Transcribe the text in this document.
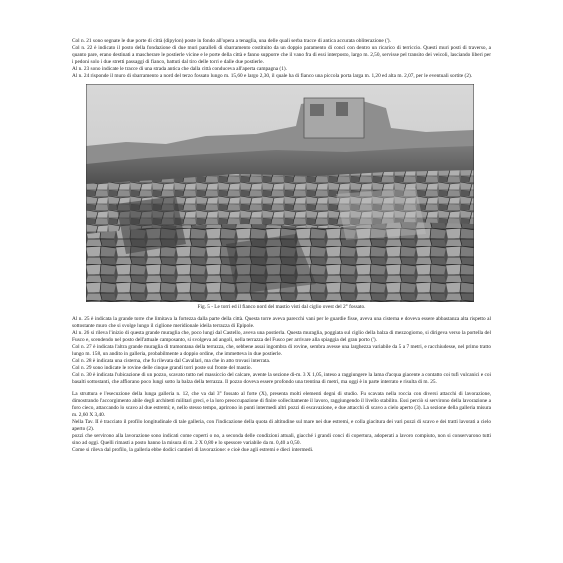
Col n. 21 sono segnate le due porte di città (dipylon) poste in fondo all'opera a tenaglia, una delle quali serba tracce di antica accurata obliterazione (').

Col n. 22 è indicato il posto della fondazione di due muri paralleli di sbarramento costituito da un doppio paramento di conci con dentro un ricarico di terriccio. Questi muri posti di traverso, a quanto pare, erano destinati a mascherare le postierle vicine e le porte della città e fanno supporre che il vano fra di essi interposto, largo m. 2,50, servisse pel transito dei veicoli, lasciando liberi per i pedoni solo i due stretti passaggi di fianco, battuti dal tiro delle torri e dalle due postierle.

Al n. 23 sono indicate le tracce di una strada antica che dalla città conduceva all'aperta campagna (1).

Al n. 24 risponde il muro di sbarramento a nord del terzo fossato lungo m. 15,60 e largo 2,30, il quale ha di fianco una piccola porta larga m. 1,20 ed alta m. 2,07, per le eventuali sortite (2).

Fig. 5 - Le torri ed il fianco nord del mastio visti dal ciglio ovest del 2° fossato.

Al n. 25 è indicata la grande torre che limitava la fortezza dalla parte della città. Questa torre aveva parecchi vani per le guardie fisse, aveva una cisterna e doveva essere abbastanza alta rispetto al sottostante muro che si svolge lungo il ciglione meridionale ideila terrazza di Epipole.

Al n. 26 si rileva l'inizio di questa grande muraglia che, poco lungi dal Castello, aveva una postierla. Questa muraglia, poggiata sul ciglio della balza di mezzogiorno, si dirigeva verso la portella del Fusco e, scendendo nel posto dell'attuale camposanto, si svolgeva ad angoli, nella terrazza del Fusco per arrivare alla spiaggia del gran porto (').

Col n. 27 è indicata l'altra grande muraglia di tramontana della terrazza, che, sebbene assai ingombra di rovine, sembra avesse una larghezza variabile da 5 a 7 metri, e racchiudesse, nel primo tratto lungo m. 158, un andito in galleria, probabilmente a doppio ordine, che immetteva in due postierle.

Col n. 28 è indicata una cisterna, che fu rilevata dal Cavallari, ma che in atto trovasi interrata.

Col n. 29 sono indicate le rovine delle cinque grandi torri poste sul fronte del mastio.

Col n. 30 è indicata l'ubicazione di un pozzo, scavato tutto nel massiccio del calcare, avente la sezione di-m. 3 X 1,05, inteso a raggiungere la lama d'acqua giacente a contatto coi tufi vulcanici e coi basalti sottostanti, che affiorano poco lungi sotto la balza della terrazza. Il pozzo doveva essere profondo una trentina di metri, ma oggi è in parte interrato e risulta di m. 25.

La struttura e l'esecuzione della lunga galleria n. 12, che va dal 3° fossato al forte (X), presenta molti elementi degni di studio. Fu scavata nella roccia con diversi attacchi di lavorazione, dimostrando l'accorgimento abile degli architetti militari greci, e la loro preoccupazione di finire sollecitamente il lavoro, raggiungendo il livello stabilito. Essi perciò si servirono della lavorazione a foro cieco, attaccando lo scavo al due estremi; e, nello stesso tempo, aprirono in punti intermedi altri pozzi di escavazione, e due attacchi di scavo a cielo aperto (3). La sezione della galleria misura m. 2,60 X 3,40.

Nella Tav. II è tracciato il profilo longitudinale di tale galleria, con l'indicazione della quota di altitudine sul mare nei due estremi, e colla giacitura dei vari pozzi di scavo e dei tratti lavorati a cielo aperto (2).

pozzi che servirono alla lavorazione sono indicati come coperti o no, a seconda delle condizioni attuali, giacché i grandi conci di copertura, adoperati a lavoro compiuto, non si conservarono tutti sino ad oggi. Quelli rimasti a posto hanno la misura di m. 2 X 0,80 e lo spessore variabile da m. 0,40 a 0,50.

Come si rileva dal profilo, la galleria ebbe dodici cantieri di lavorazione: e cioè due agli estremi e dieci intermedi.
